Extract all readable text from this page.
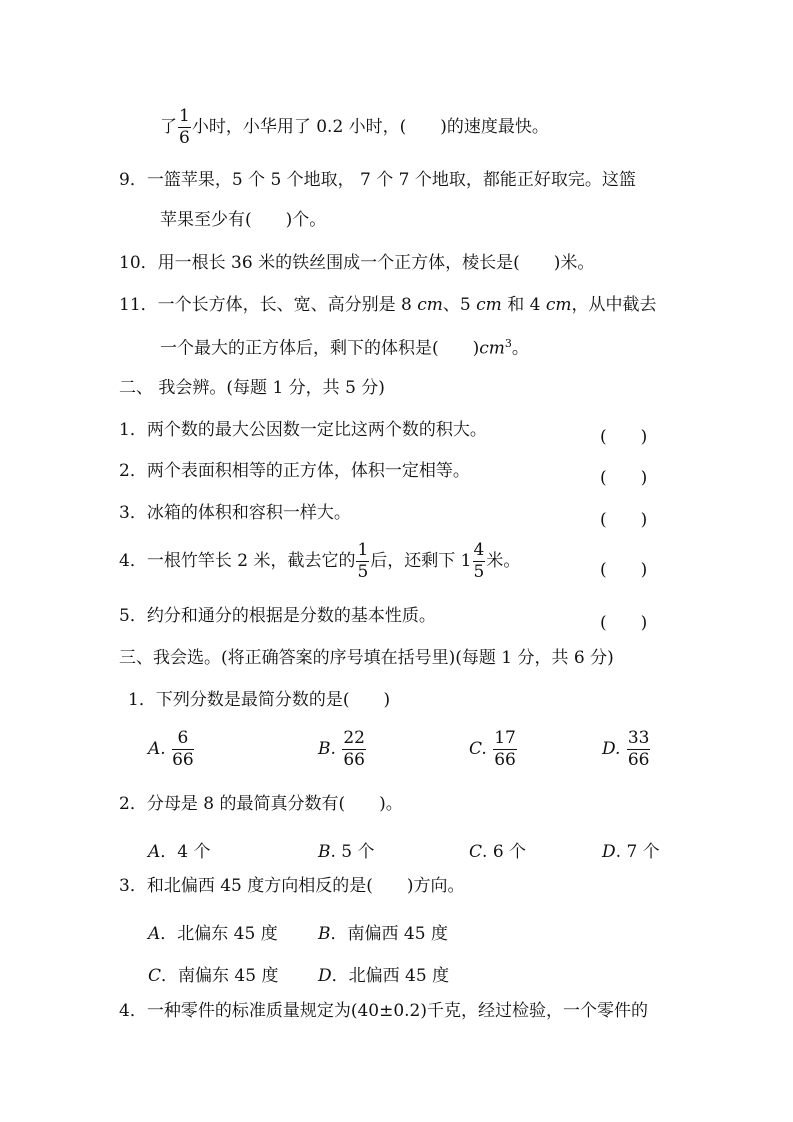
了 $\frac{1}{6}$ 小时，小华用了 0.2 小时，(　　)的速度最快。
9．一篮苹果，5 个 5 个地取， 7 个 7 个地取，都能正好取完。这篮
苹果至少有(　　)个。
10．用一根长 36 米的铁丝围成一个正方体，棱长是(　　)米。
11．一个长方体，长、宽、高分别是 8 cm、5 cm 和 4 cm，从中截去
一个最大的正方体后，剩下的体积是(　　)$cm^3$。
二、 我会辨。(每题 1 分，共 5 分)
1．两个数的最大公因数一定比这两个数的积大。	(　　)
2．两个表面积相等的正方体，体积一定相等。	(　　)
3．冰箱的体积和容积一样大。	(　　)
4．一根竹竿长 2 米，截去它的 $\frac{1}{5}$ 后，还剩下 $1 \frac{4}{5}$ 米。	(　　)
5．约分和通分的根据是分数的基本性质。	(　　)
三、我会选。(将正确答案的序号填在括号里)(每题 1 分，共 6 分)
1．下列分数是最简分数的是(　　)
A. $\frac{6}{66}$	B. $\frac{22}{66}$	C. $\frac{17}{66}$	D. $\frac{33}{66}$
2．分母是 8 的最简真分数有(　　)。
A．4 个	B. 5 个	C. 6 个	D. 7 个
3．和北偏西 45 度方向相反的是(　　)方向。
A．北偏东 45 度 B．南偏西 45 度
C．南偏东 45 度 D．北偏西 45 度
4．一种零件的标准质量规定为(40±0.2)千克，经过检验，一个零件的
